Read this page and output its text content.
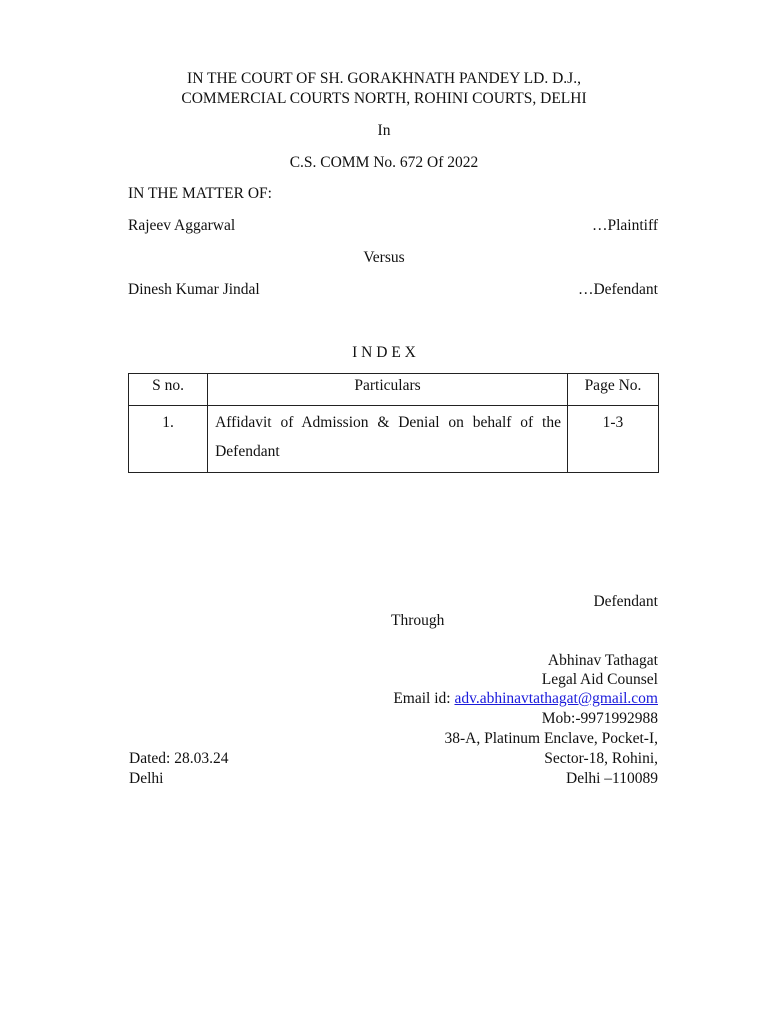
IN THE COURT OF SH. GORAKHNATH PANDEY LD. D.J.,
COMMERCIAL COURTS NORTH, ROHINI COURTS, DELHI
In
C.S. COMM No. 672 Of 2022
IN THE MATTER OF:
Rajeev Aggarwal	…Plaintiff
Versus
Dinesh Kumar Jindal	…Defendant
I N D E X
S no.	Particulars	Page No.
1.	Affidavit of Admission & Denial on behalf of the Defendant	1-3
Defendant
Through
Abhinav Tathagat
Legal Aid Counsel
Email id: adv.abhinavtathagat@gmail.com
Mob:-9971992988
38-A, Platinum Enclave, Pocket-I,
Sector-18, Rohini,
Delhi –110089
Dated: 28.03.24
Delhi
